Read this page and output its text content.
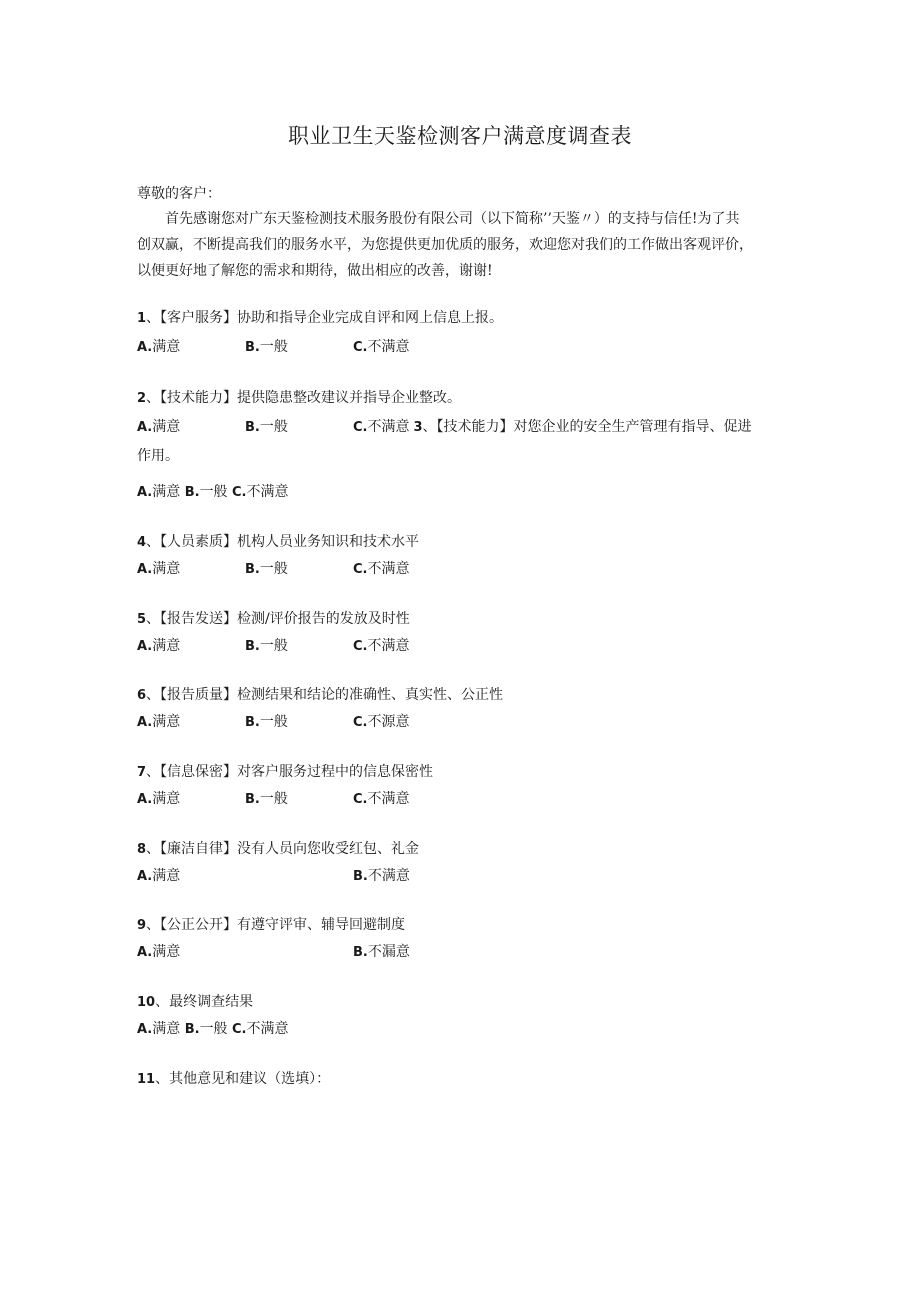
职业卫生天鉴检测客户满意度调查表
尊敬的客户：
首先感谢您对广东天鉴检测技术服务股份有限公司（以下简称’’天鉴〃）的支持与信任!为了共
创双赢，不断提高我们的服务水平，为您提供更加优质的服务，欢迎您对我们的工作做出客观评价，
以便更好地了解您的需求和期待，做出相应的改善，谢谢!
1、【客户服务】协助和指导企业完成自评和网上信息上报。
A.满意	B.一般	C.不满意
2、【技术能力】提供隐患整改建议并指导企业整改。
A.满意	B.一般	C.不满意 3、【技术能力】对您企业的安全生产管理有指导、促进
作用。
A.满意 B.一般 C.不满意
4、【人员素质】机构人员业务知识和技术水平
A.满意	B.一般	C.不满意
5、【报告发送】检测/评价报告的发放及时性
A.满意	B.一般	C.不满意
6、【报告质量】检测结果和结论的准确性、真实性、公正性
A.满意	B.一般	C.不源意
7、【信息保密】对客户服务过程中的信息保密性
A.满意	B.一般	C.不满意
8、【廉洁自律】没有人员向您收受红包、礼金
A.满意	B.不满意
9、【公正公开】有遵守评审、辅导回避制度
A.满意	B.不漏意
10、最终调查结果
A.满意 B.一般 C.不满意
11、其他意见和建议（选填）：
